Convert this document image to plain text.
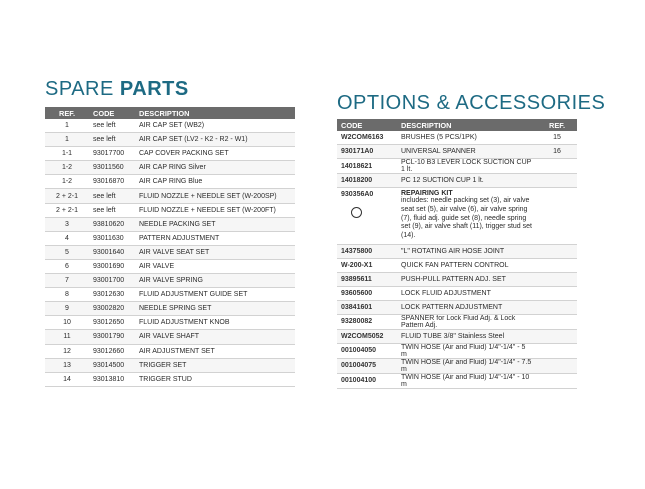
SPARE PARTS
REF.	CODE	DESCRIPTION
1	see left	AIR CAP SET (WB2)
1	see left	AIR CAP SET (LV2 - K2 - R2 - W1)
1-1	93017700	CAP COVER PACKING SET
1-2	93011560	AIR CAP RING Silver
1-2	93016870	AIR CAP RING Blue
2 + 2-1	see left	FLUID NOZZLE + NEEDLE SET (W-200SP)
2 + 2-1	see left	FLUID NOZZLE + NEEDLE SET (W-200FT)
3	93810620	NEEDLE PACKING SET
4	93011630	PATTERN ADJUSTMENT
5	93001640	AIR VALVE SEAT SET
6	93001690	AIR VALVE
7	93001700	AIR VALVE SPRING
8	93012630	FLUID ADJUSTMENT GUIDE SET
9	93002820	NEEDLE SPRING SET
10	93012650	FLUID ADJUSTMENT KNOB
11	93001790	AIR VALVE SHAFT
12	93012660	AIR ADJUSTMENT SET
13	93014500	TRIGGER SET
14	93013810	TRIGGER STUD
OPTIONS & ACCESSORIES
CODE	DESCRIPTION	REF.
W2COM6163	BRUSHES (5 PCS/1PK)	15
930171A0	UNIVERSAL SPANNER	16
14018621	PCL-10 B3 LEVER LOCK SUCTION CUP 1 lt.	
14018200	PC 12 SUCTION CUP 1 lt.	

930356A0	REPAIRING KIT
includes: needle packing set (3), air valve seat set (5), air valve (6), air valve spring (7), fluid adj. guide set (8), needle spring set (9), air valve shaft (11), trigger stud set (14).	

14375800	"L" ROTATING AIR HOSE JOINT	
W-200-X1	QUICK FAN PATTERN CONTROL	
93895611	PUSH-PULL PATTERN ADJ. SET	
93605600	LOCK FLUID ADJUSTMENT	
03841601	LOCK PATTERN ADJUSTMENT	
93280082	SPANNER for Lock Fluid Adj. & Lock Pattern Adj.	
W2COM5052	FLUID TUBE 3/8" Stainless Steel	
001004050	TWIN HOSE (Air and Fluid) 1/4"-1/4" - 5 m	
001004075	TWIN HOSE (Air and Fluid) 1/4"-1/4" - 7.5 m	
001004100	TWIN HOSE (Air and Fluid) 1/4"-1/4" - 10 m	
